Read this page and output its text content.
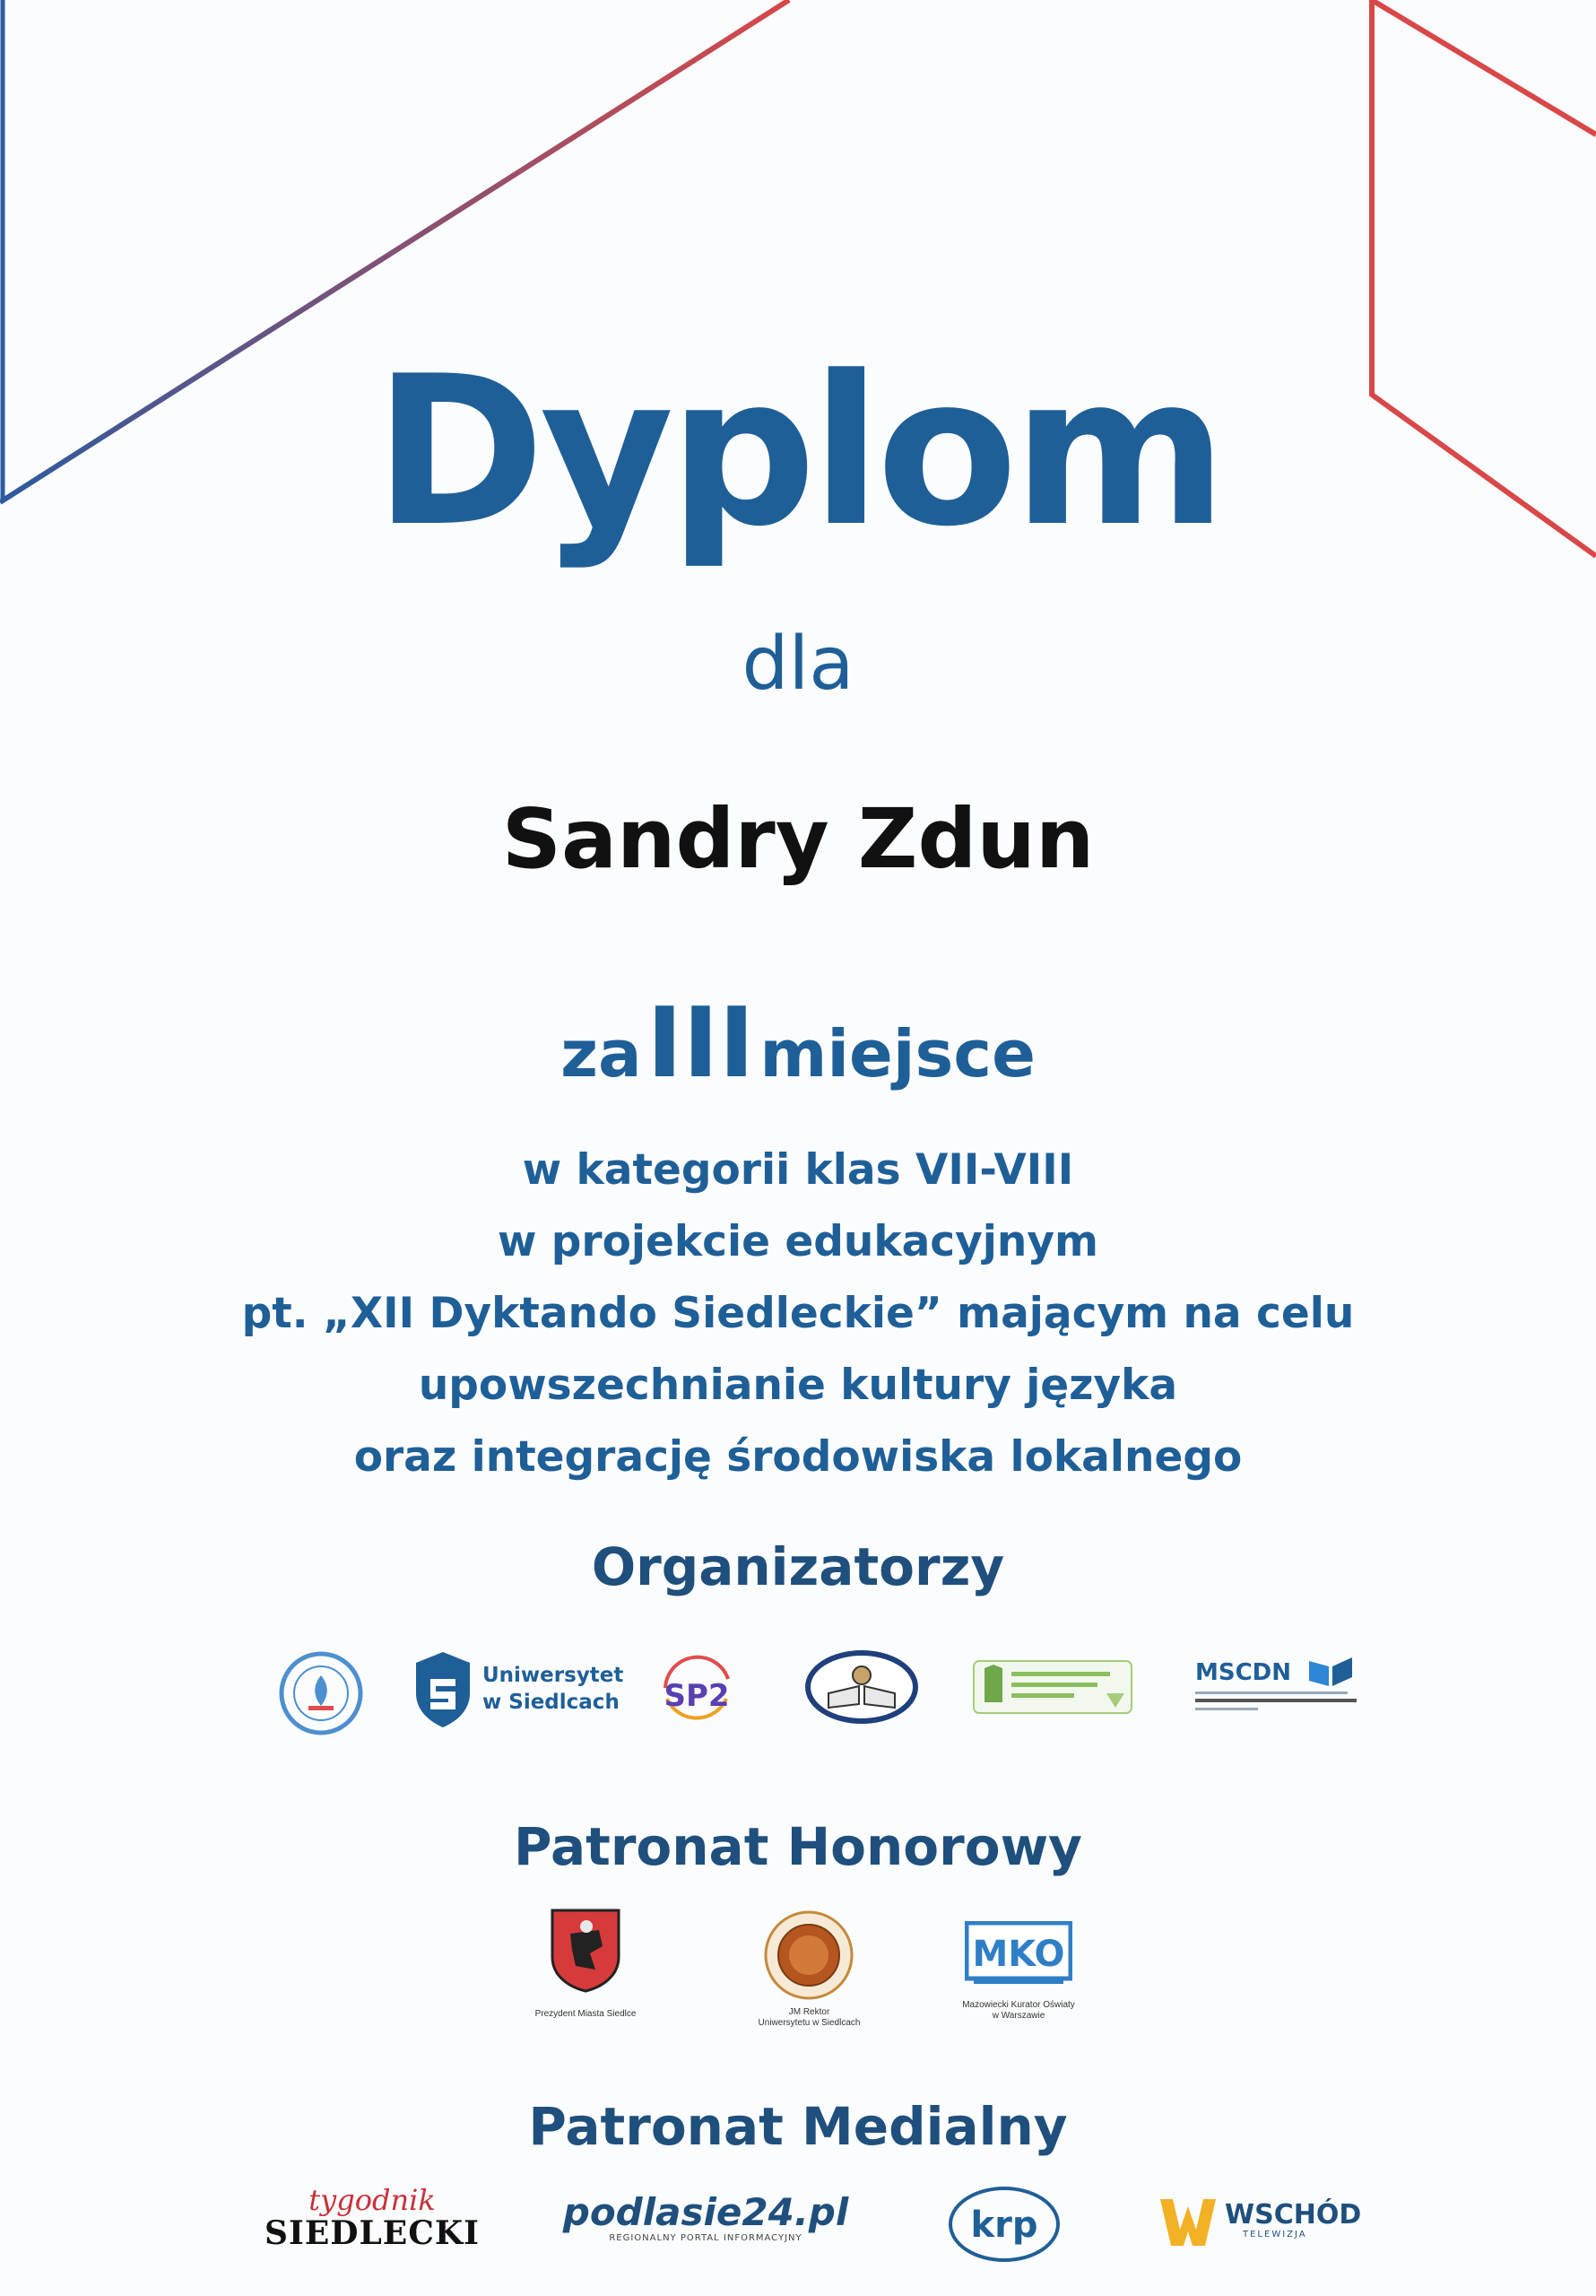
Dyplom
dla
Sandry Zdun
za III miejsce
w kategorii klas VII-VIII
w projekcie edukacyjnym
pt. „XII Dyktando Siedleckie” mającym na celu
upowszechnianie kultury języka
oraz integrację środowiska lokalnego
Organizatorzy
Uniwersytet
w Siedlcach SP2
MSCDN
Patronat Honorowy
Prezydent Miasta Siedlce	JM Rektor
Uniwersytetu w Siedlcach
MKO
Mazowiecki Kurator Oświaty
w Warszawie
Patronat Medialny
tygodnik
SIEDLECKI podlasie24.pl
REGIONALNY PORTAL INFORMACYJNY	krp	WSCHÓD
TELEWIZJA
